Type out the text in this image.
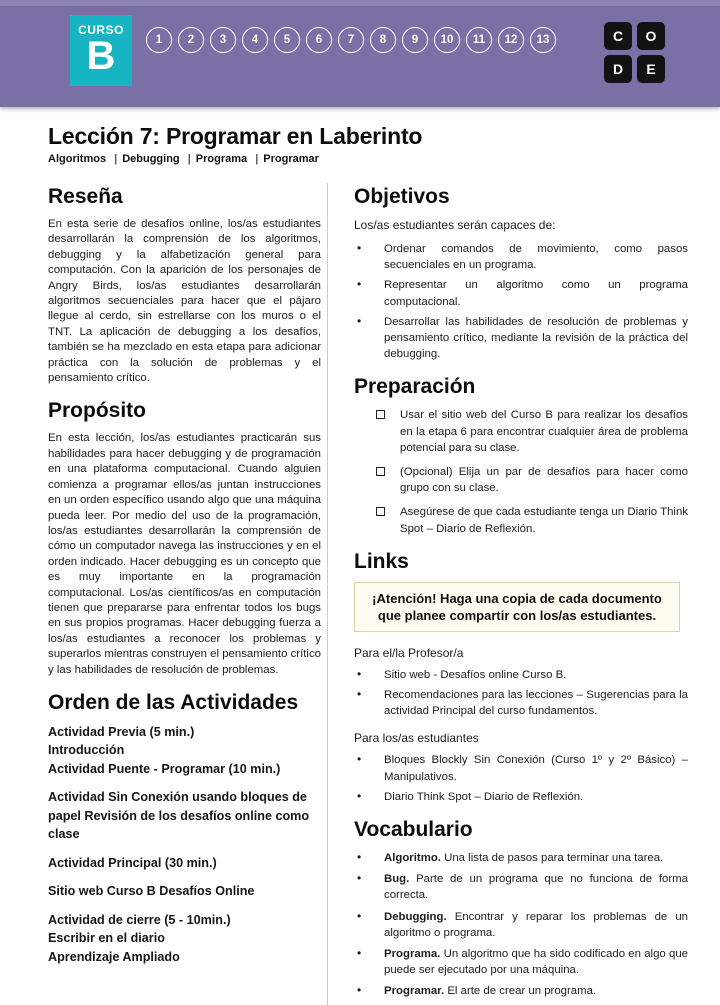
CURSO
B	1	2	3	4	5	6	7	8	9	10	11	12	13	C	O
D	E
Lección 7: Programar en Laberinto
Algoritmos | Debugging | Programa | Programar
Reseña

En esta serie de desafíos online, los/as estudiantes desarrollarán la comprensión de los algoritmos, debugging y la alfabetización general para computación. Con la aparición de los personajes de Angry Birds, los/as estudiantes desarrollarán algoritmos secuenciales para hacer que el pájaro llegue al cerdo, sin estrellarse con los muros o el TNT. La aplicación de debugging a los desafíos, también se ha mezclado en esta etapa para adicionar práctica con la solución de problemas y el pensamiento crítico.

Propósito

En esta lección, los/as estudiantes practicarán sus habilidades para hacer debugging y de programación en una plataforma computacional. Cuando alguien comienza a programar ellos/as juntan instrucciones en un orden específico usando algo que una máquina pueda leer. Por medio del uso de la programación, los/as estudiantes desarrollarán la comprensión de cómo un computador navega las instrucciones y en el orden indicado. Hacer debugging es un concepto que es muy importante en la programación computacional. Los/as científicos/as en computación tienen que prepararse para enfrentar todos los bugs en sus propios programas. Hacer debugging fuerza a los/as estudiantes a reconocer los problemas y superarlos mientras construyen el pensamiento crítico y las habilidades de resolución de problemas.

Orden de las Actividades
Actividad Previa (5 min.)
Introducción
Actividad Puente - Programar (10 min.)
Actividad Sin Conexión usando bloques de papel Revisión de los desafíos online como clase
Actividad Principal (30 min.)
Sitio web Curso B Desafíos Online
Actividad de cierre (5 - 10min.)
Escribir en el diario
Aprendizaje Ampliado
Objetivos

Los/as estudiantes serán capaces de:

• Ordenar comandos de movimiento, como pasos secuenciales en un programa.
• Representar un algoritmo como un programa computacional.
• Desarrollar las habilidades de resolución de problemas y pensamiento crítico, mediante la revisión de la práctica del debugging.
Preparación
Usar el sitio web del Curso B para realizar los desafíos en la etapa 6 para encontrar cualquier área de problema potencial para su clase.
(Opcional) Elija un par de desafíos para hacer como grupo con su clase.
Asegúrese de que cada estudiante tenga un Diario Think Spot – Diario de Reflexión.
Links
¡Atención! Haga una copia de cada documento que planee compartir con los/as estudiantes.

Para el/la Profesor/a

• Sitio web - Desafíos online Curso B.
• Recomendaciones para las lecciones – Sugerencias para la actividad Principal del curso fundamentos.

Para los/as estudiantes

• Bloques Blockly Sin Conexión (Curso 1º y 2º Básico) – Manipulativos.
• Diario Think Spot – Diario de Reflexión.
Vocabulario
• Algoritmo. Una lista de pasos para terminar una tarea.
• Bug. Parte de un programa que no funciona de forma correcta.
• Debugging. Encontrar y reparar los problemas de un algoritmo o programa.
• Programa. Un algoritmo que ha sido codificado en algo que puede ser ejecutado por una máquina.
• Programar. El arte de crear un programa.
